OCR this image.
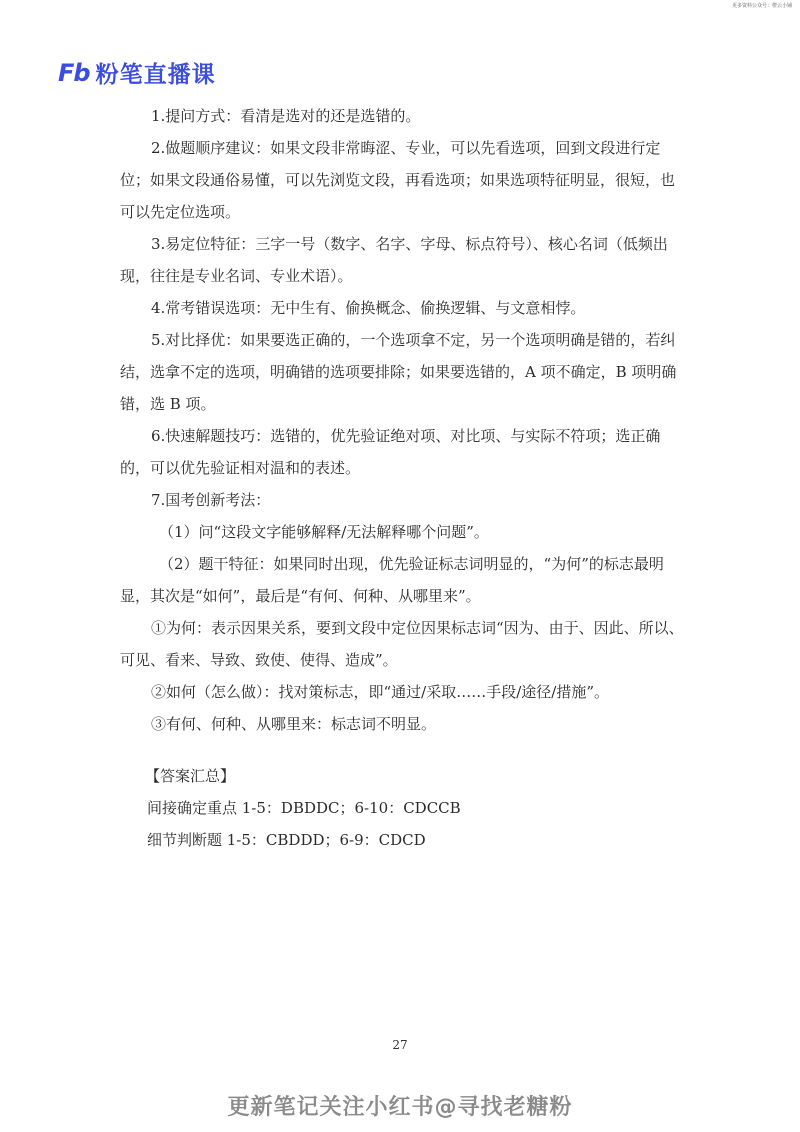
更多资料公众号：橙云小铺
Fb 粉笔直播课

1.提问方式：看清是选对的还是选错的。

2.做题顺序建议：如果文段非常晦涩、专业，可以先看选项，回到文段进行定位；如果文段通俗易懂，可以先浏览文段，再看选项；如果选项特征明显，很短，也可以先定位选项。

3.易定位特征：三字一号（数字、名字、字母、标点符号）、核心名词（低频出现，往往是专业名词、专业术语）。

4.常考错误选项：无中生有、偷换概念、偷换逻辑、与文意相悖。

5.对比择优：如果要选正确的，一个选项拿不定，另一个选项明确是错的，若纠结，选拿不定的选项，明确错的选项要排除；如果要选错的，A 项不确定，B 项明确错，选 B 项。

6.快速解题技巧：选错的，优先验证绝对项、对比项、与实际不符项；选正确的，可以优先验证相对温和的表述。

7.国考创新考法：

（1）问“这段文字能够解释/无法解释哪个问题”。

（2）题干特征：如果同时出现，优先验证标志词明显的，“为何”的标志最明显，其次是“如何”，最后是“有何、何种、从哪里来”。

①为何：表示因果关系，要到文段中定位因果标志词“因为、由于、因此、所以、可见、看来、导致、致使、使得、造成”。

②如何（怎么做）：找对策标志，即“通过/采取……手段/途径/措施”。

③有何、何种、从哪里来：标志词不明显。

【答案汇总】

间接确定重点 1-5：DBDDC；6-10：CDCCB

细节判断题 1-5：CBDDD；6-9：CDCD

27
更新笔记关注小红书@寻找老糖粉
